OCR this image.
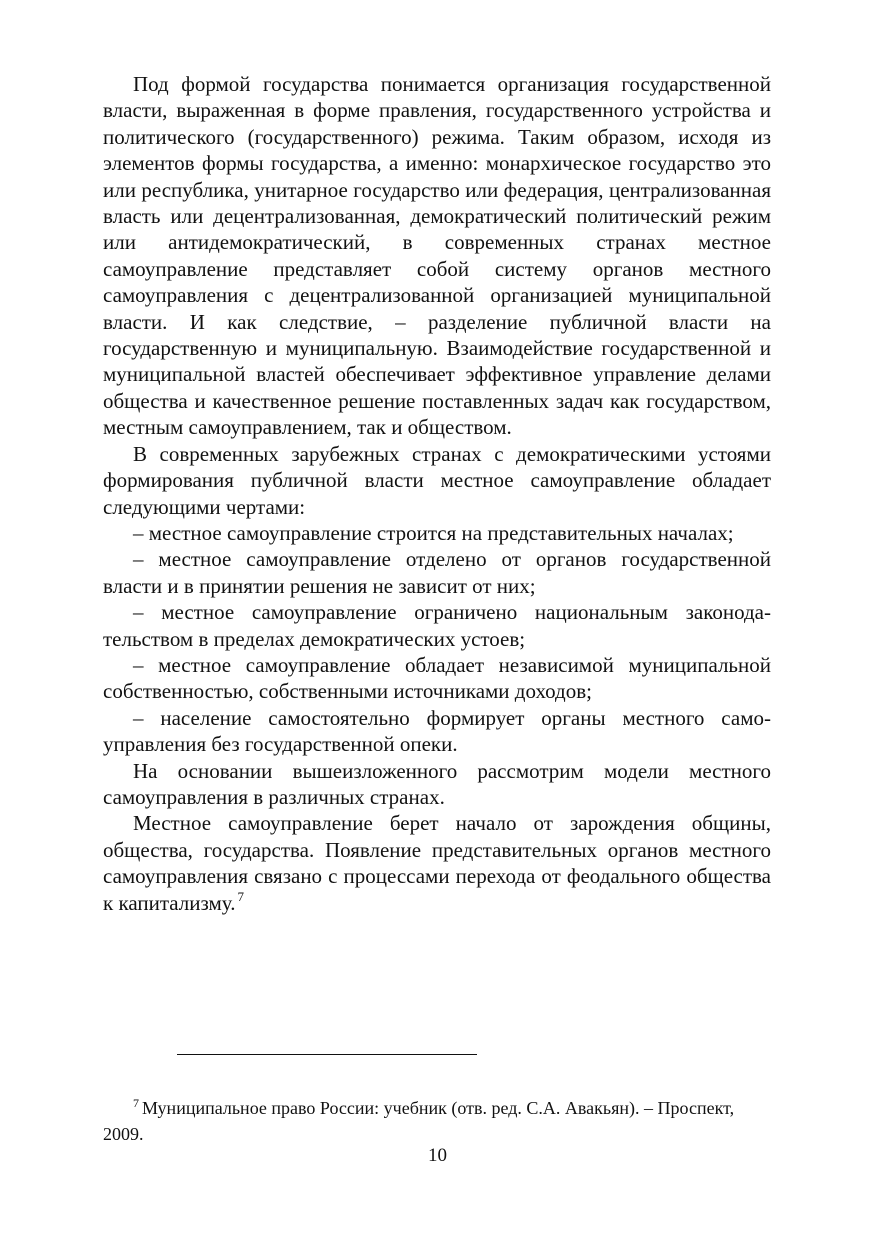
Под формой государства понимается организация государственной власти, выраженная в форме правления, государственного устройства и политического (государственного) режима. Таким образом, исходя из элементов формы государства, а именно: монархическое государство это или республика, унитарное государство или федерация, централизованная власть или децентрализованная, демократический политический режим или антидемократический, в современных странах местное самоуправление представляет собой систему органов местного самоуправления с децентрализованной организацией муниципальной власти. И как следствие, – разделение публичной власти на государственную и муниципальную. Взаимодействие государственной и муниципальной властей обеспечивает эффективное управление делами общества и качественное решение поставленных задач как государством, местным самоуправлением, так и обществом.

В современных зарубежных странах с демократическими устоями формирования публичной власти местное самоуправление обладает следующими чертами:

– местное самоуправление строится на представительных началах;

– местное самоуправление отделено от органов государственной власти и в принятии решения не зависит от них;

– местное самоуправление ограничено национальным законодательством в пределах демократических устоев;

– местное самоуправление обладает независимой муниципальной собственностью, собственными источниками доходов;

– население самостоятельно формирует органы местного самоуправления без государственной опеки.

На основании вышеизложенного рассмотрим модели местного самоуправления в различных странах.

Местное самоуправление берет начало от зарождения общины, общества, государства. Появление представительных органов местного самоуправления связано с процессами перехода от феодального общества к капитализму. $^7$

$^7$ Муниципальное право России: учебник (отв. ред. С.А. Авакьян). – Проспект, 2009.

10
